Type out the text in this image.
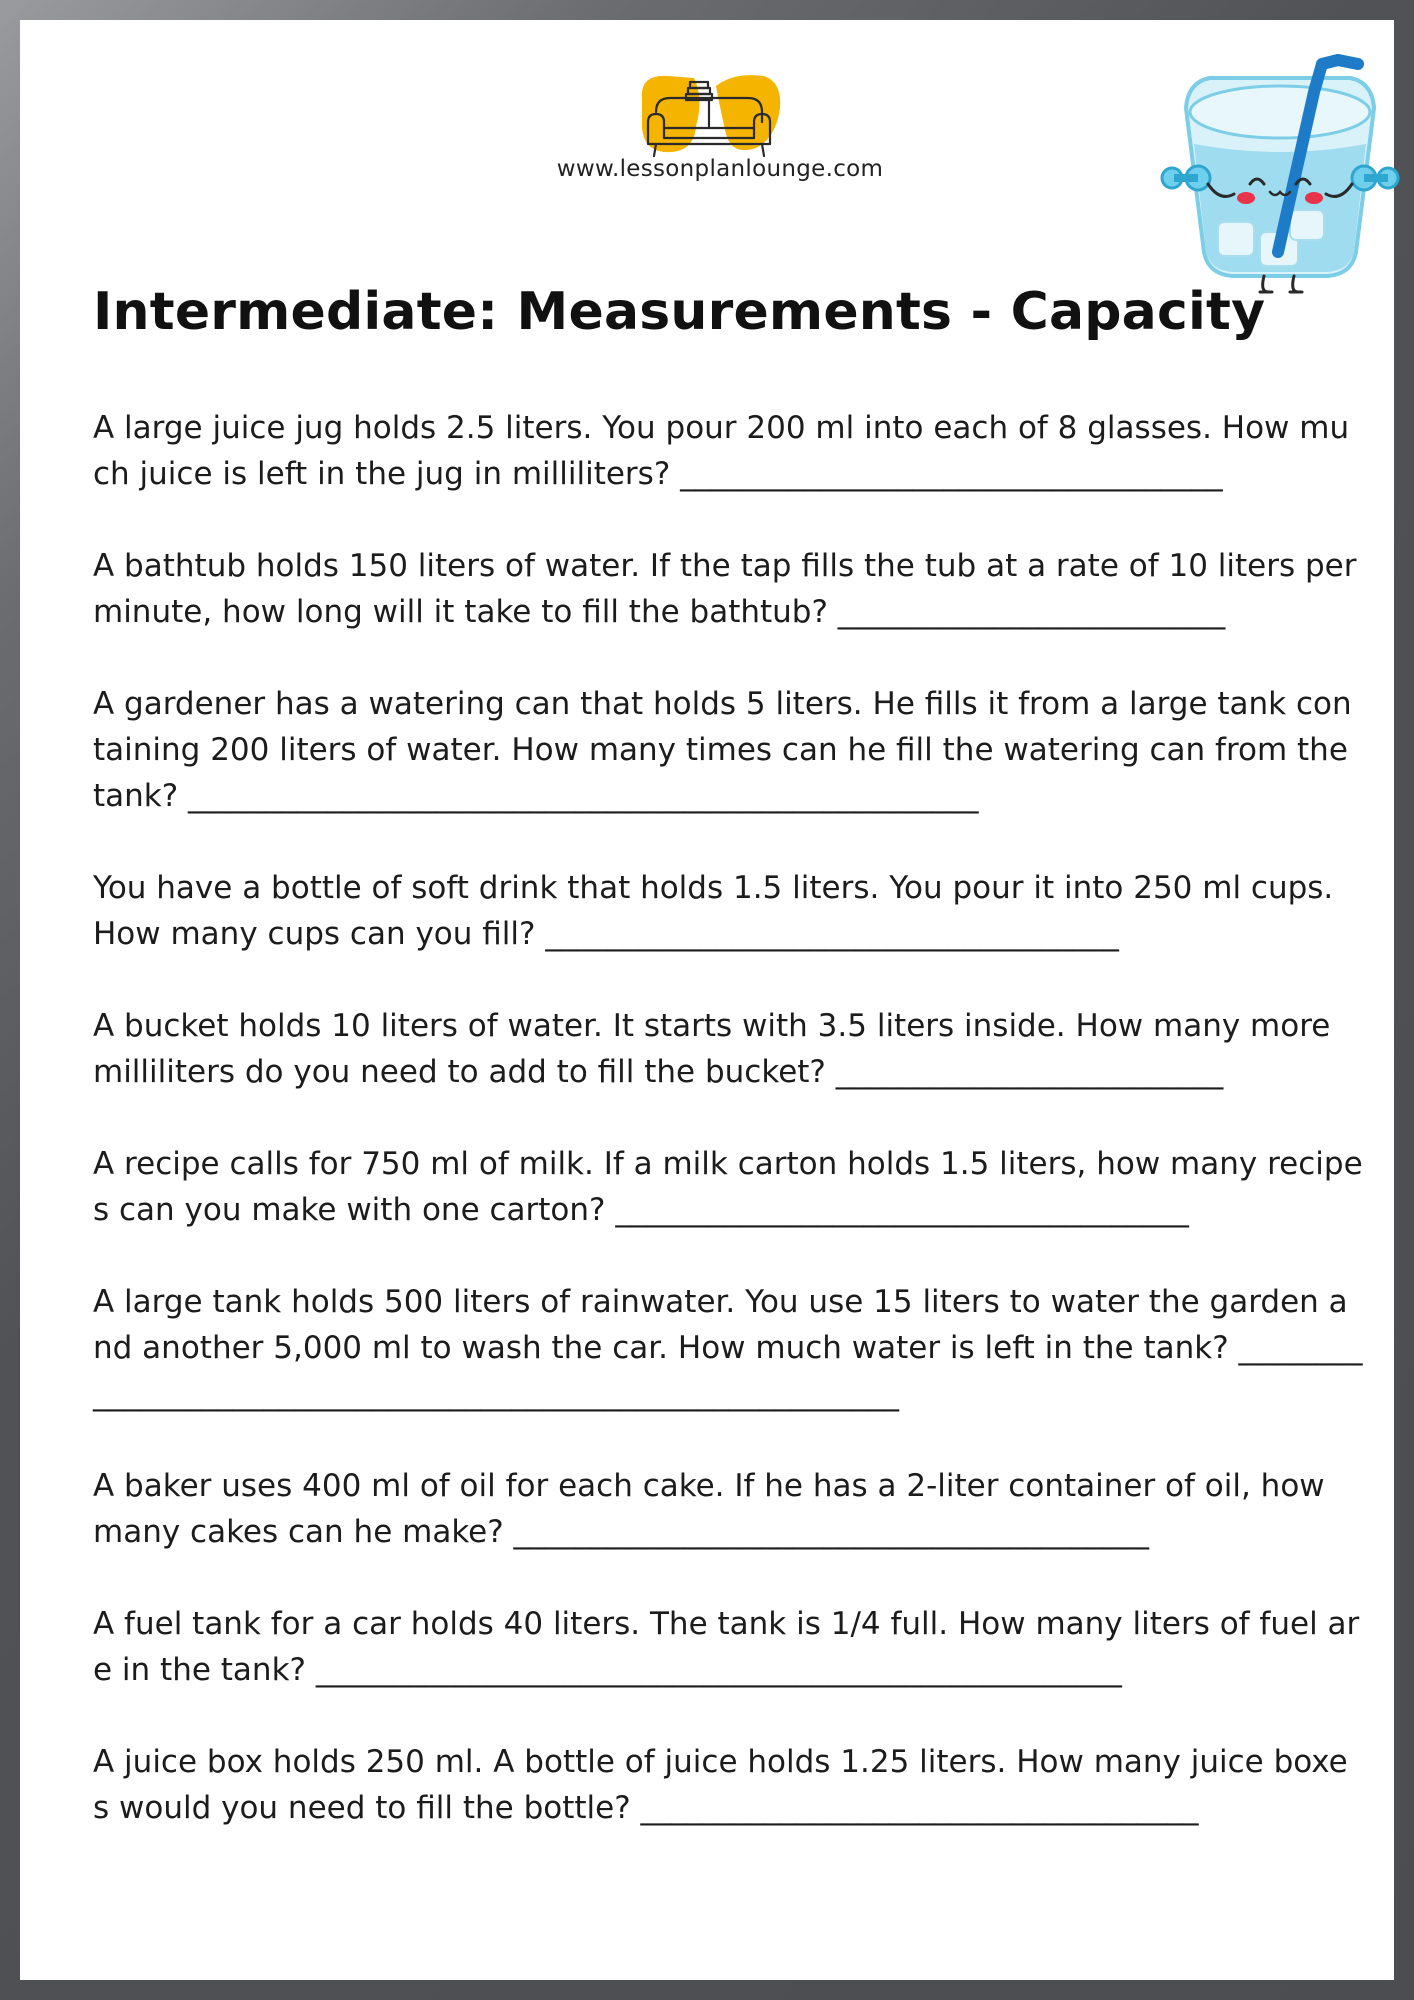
www.lessonplanlounge.com
Intermediate: Measurements - Capacity

A large juice jug holds 2.5 liters. You pour 200 ml into each of 8 glasses. How much juice is left in the jug in milliliters? ___________________________________

A bathtub holds 150 liters of water. If the tap fills the tub at a rate of 10 liters per minute, how long will it take to fill the bathtub? _________________________

A gardener has a watering can that holds 5 liters. He fills it from a large tank containing 200 liters of water. How many times can he fill the watering can from the tank? ___________________________________________________

You have a bottle of soft drink that holds 1.5 liters. You pour it into 250 ml cups. How many cups can you fill? _____________________________________

A bucket holds 10 liters of water. It starts with 3.5 liters inside. How many more milliliters do you need to add to fill the bucket? _________________________

A recipe calls for 750 ml of milk. If a milk carton holds 1.5 liters, how many recipes can you make with one carton? _____________________________________

A large tank holds 500 liters of rainwater. You use 15 liters to water the garden and another 5,000 ml to wash the car. How much water is left in the tank? ____________________________________________________________

A baker uses 400 ml of oil for each cake. If he has a 2-liter container of oil, how many cakes can he make? _________________________________________

A fuel tank for a car holds 40 liters. The tank is 1/4 full. How many liters of fuel are in the tank? ____________________________________________________

A juice box holds 250 ml. A bottle of juice holds 1.25 liters. How many juice boxes would you need to fill the bottle? ____________________________________
